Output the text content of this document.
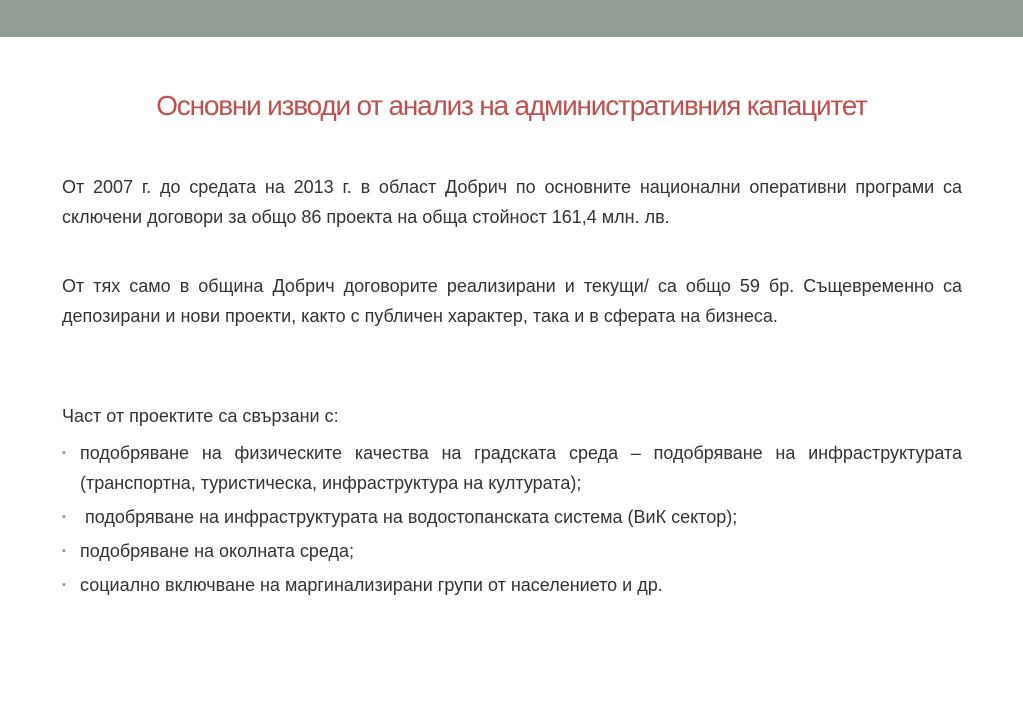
Основни изводи от анализ на административния капацитет

От 2007 г. до средата на 2013 г. в област Добрич по основните национални оперативни програми са сключени договори за общо 86 проекта на обща стойност 161,4 млн. лв.

От тях само в община Добрич договорите реализирани и текущи/ са общо 59 бр. Същевременно са депозирани и нови проекти, както с публичен характер, така и в сферата на бизнеса.

Част от проектите са свързани с:

▪ подобряване на физическите качества на градската среда – подобряване на инфраструктурата (транспортна, туристическа, инфраструктура на културата);
▪ подобряване на инфраструктурата на водостопанската система (ВиК сектор);
▪ подобряване на околната среда;
▪ социално включване на маргинализирани групи от населението и др.
